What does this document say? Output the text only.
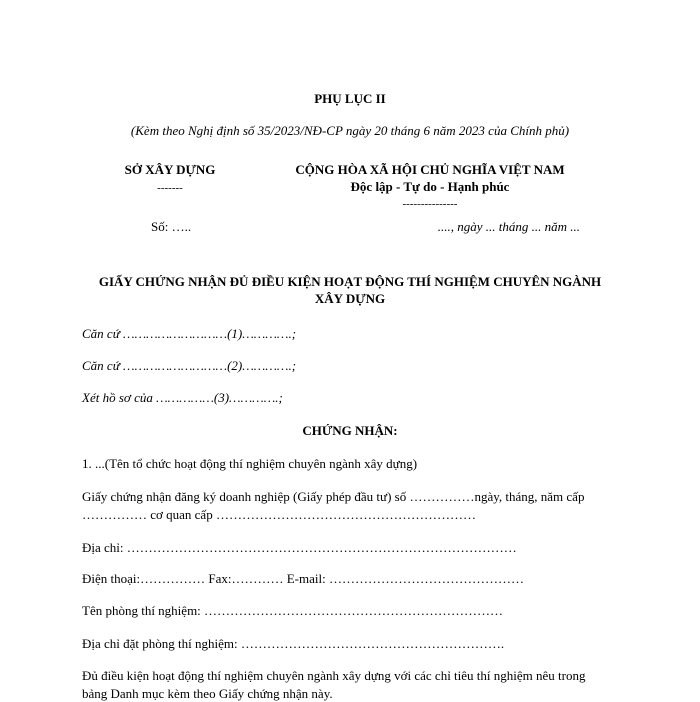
PHỤ LỤC II
(Kèm theo Nghị định số 35/2023/NĐ-CP ngày 20 tháng 6 năm 2023 của Chính phủ)
SỞ XÂY DỰNG
-------
CỘNG HÒA XÃ HỘI CHỦ NGHĨA VIỆT NAM
Độc lập - Tự do - Hạnh phúc
---------------
Số: …..	...., ngày ... tháng ... năm ...
GIẤY CHỨNG NHẬN ĐỦ ĐIỀU KIỆN HOẠT ĐỘNG THÍ NGHIỆM CHUYÊN NGÀNH
XÂY DỰNG
Căn cứ ………………………(1)………….;
Căn cứ ………………………(2)………….;
Xét hồ sơ của ……………(3)………….;
CHỨNG NHẬN:
1. ...(Tên tổ chức hoạt động thí nghiệm chuyên ngành xây dựng)
Giấy chứng nhận đăng ký doanh nghiệp (Giấy phép đầu tư) số ……………ngày, tháng, năm cấp
…………… cơ quan cấp ……………………………………………………
Địa chỉ: ………………………………………………………………………………
Điện thoại:…………… Fax:………… E-mail: ………………………………………
Tên phòng thí nghiệm: ……………………………………………………………
Địa chỉ đặt phòng thí nghiệm: …………………………………………………….
Đủ điều kiện hoạt động thí nghiệm chuyên ngành xây dựng với các chỉ tiêu thí nghiệm nêu trong
bảng Danh mục kèm theo Giấy chứng nhận này.
